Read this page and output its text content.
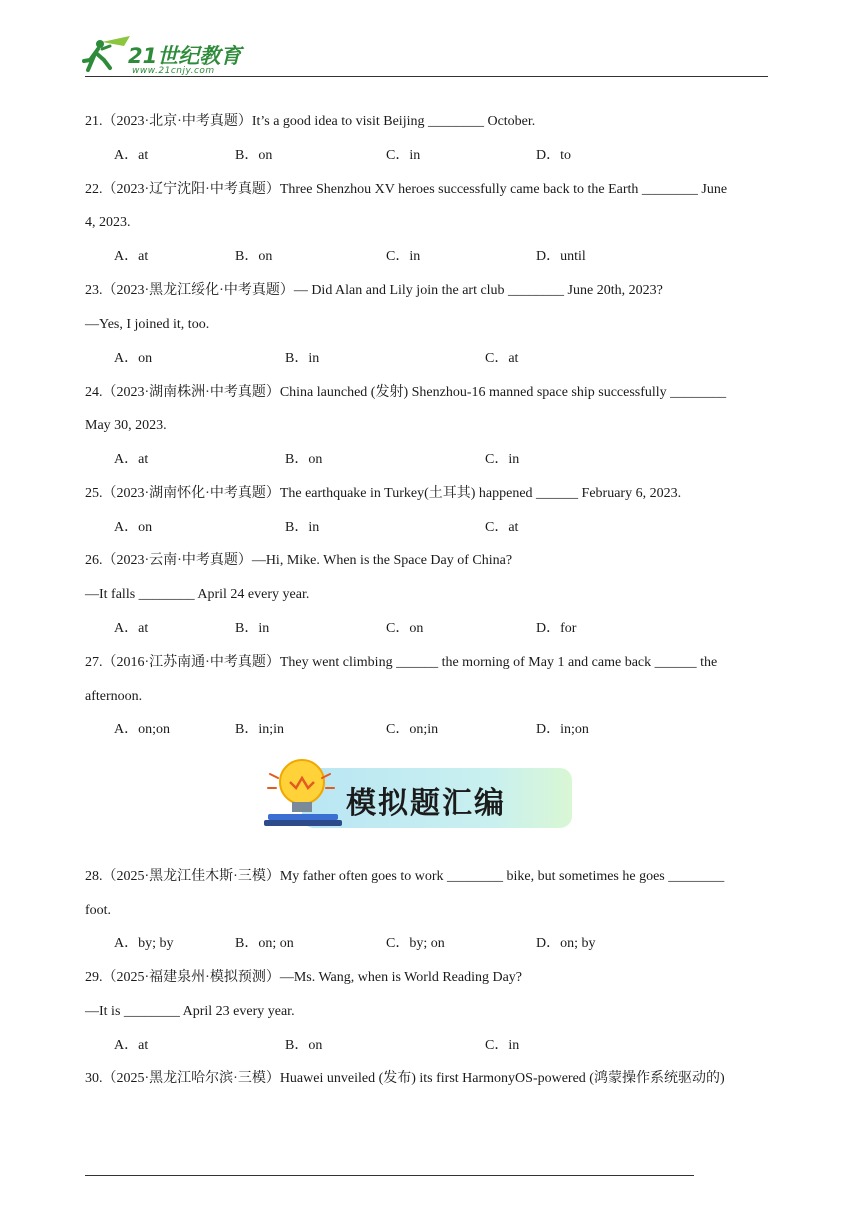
21世纪教育
www.21cnjy.com
21.（2023·北京·中考真题）It’s a good idea to visit Beijing ________ October.
A．at	B．on	C．in	D．to
22.（2023·辽宁沈阳·中考真题）Three Shenzhou XV heroes successfully came back to the Earth ________ June
4, 2023.
A．at	B．on	C．in	D．until
23.（2023·黑龙江绥化·中考真题）— Did Alan and Lily join the art club ________ June 20th, 2023?
—Yes, I joined it, too.
A．on	B．in	C．at
24.（2023·湖南株洲·中考真题）China launched (发射) Shenzhou-16 manned space ship successfully ________
May 30, 2023.
A．at	B．on	C．in
25.（2023·湖南怀化·中考真题）The earthquake in Turkey(土耳其) happened ______ February 6, 2023.
A．on	B．in	C．at
26.（2023·云南·中考真题）—Hi, Mike. When is the Space Day of China?
—It falls ________ April 24 every year.
A．at	B．in	C．on	D．for
27.（2016·江苏南通·中考真题）They went climbing ______ the morning of May 1 and came back ______ the
afternoon.
A．on;on	B．in;in	C．on;in	D．in;on
模拟题汇编
28.（2025·黑龙江佳木斯·三模）My father often goes to work ________ bike, but sometimes he goes ________
foot.
A．by; by	B．on; on	C．by; on	D．on; by
29.（2025·福建泉州·模拟预测）—Ms. Wang, when is World Reading Day?
—It is ________ April 23 every year.
A．at	B．on	C．in
30.（2025·黑龙江哈尔滨·三模）Huawei unveiled (发布) its first HarmonyOS-powered (鸿蒙操作系统驱动的)
